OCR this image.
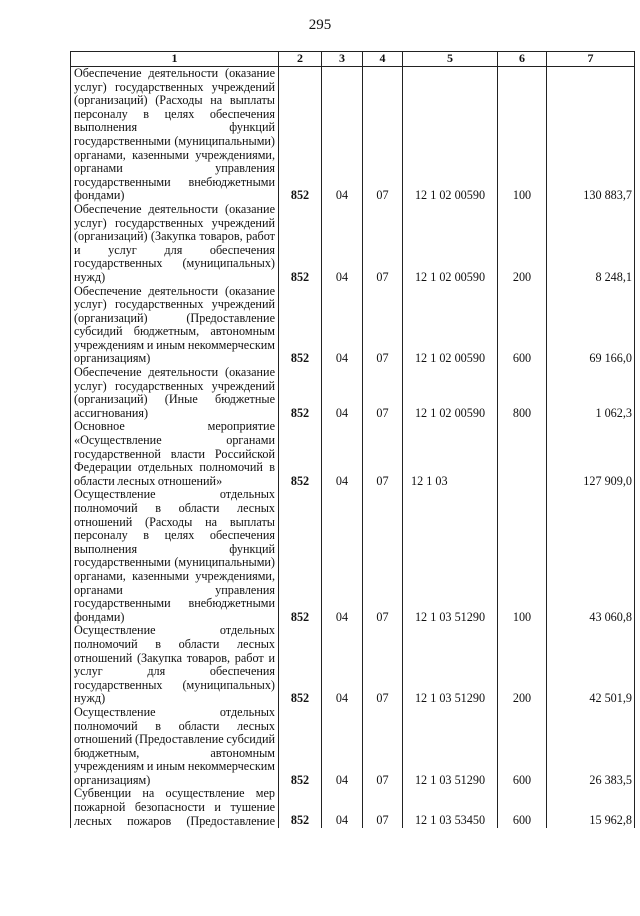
295
1	2	3	4	5	6	7
Обеспечение деятельности (оказание услуг) государственных учреждений (организаций) (Расходы на выплаты персоналу в целях обеспечения выполнения функций государственными (муниципальными) органами, казенными учреждениями, органами управления государственными внебюджетными фондами)	852	04	07	12 1 02 00590	100	130 883,7
Обеспечение деятельности (оказание услуг) государственных учреждений (организаций) (Закупка товаров, работ и услуг для обеспечения государственных (муниципальных) нужд)	852	04	07	12 1 02 00590	200	8 248,1
Обеспечение деятельности (оказание услуг) государственных учреждений (организаций) (Предоставление субсидий бюджетным, автономным учреждениям и иным некоммерческим организациям)	852	04	07	12 1 02 00590	600	69 166,0
Обеспечение деятельности (оказание услуг) государственных учреждений (организаций) (Иные бюджетные ассигнования)	852	04	07	12 1 02 00590	800	1 062,3
Основное мероприятие «Осуществление органами государственной власти Российской Федерации отдельных полномочий в области лесных отношений»	852	04	07	12 1 03		127 909,0
Осуществление отдельных полномочий в области лесных отношений (Расходы на выплаты персоналу в целях обеспечения выполнения функций государственными (муниципальными) органами, казенными учреждениями, органами управления государственными внебюджетными фондами)	852	04	07	12 1 03 51290	100	43 060,8
Осуществление отдельных полномочий в области лесных отношений (Закупка товаров, работ и услуг для обеспечения государственных (муниципальных) нужд)	852	04	07	12 1 03 51290	200	42 501,9
Осуществление отдельных полномочий в области лесных отношений (Предоставление субсидий бюджетным, автономным учреждениям и иным некоммерческим организациям)	852	04	07	12 1 03 51290	600	26 383,5
Субвенции на осуществление мер пожарной безопасности и тушение лесных пожаров (Предоставление	852	04	07	12 1 03 53450	600	15 962,8
